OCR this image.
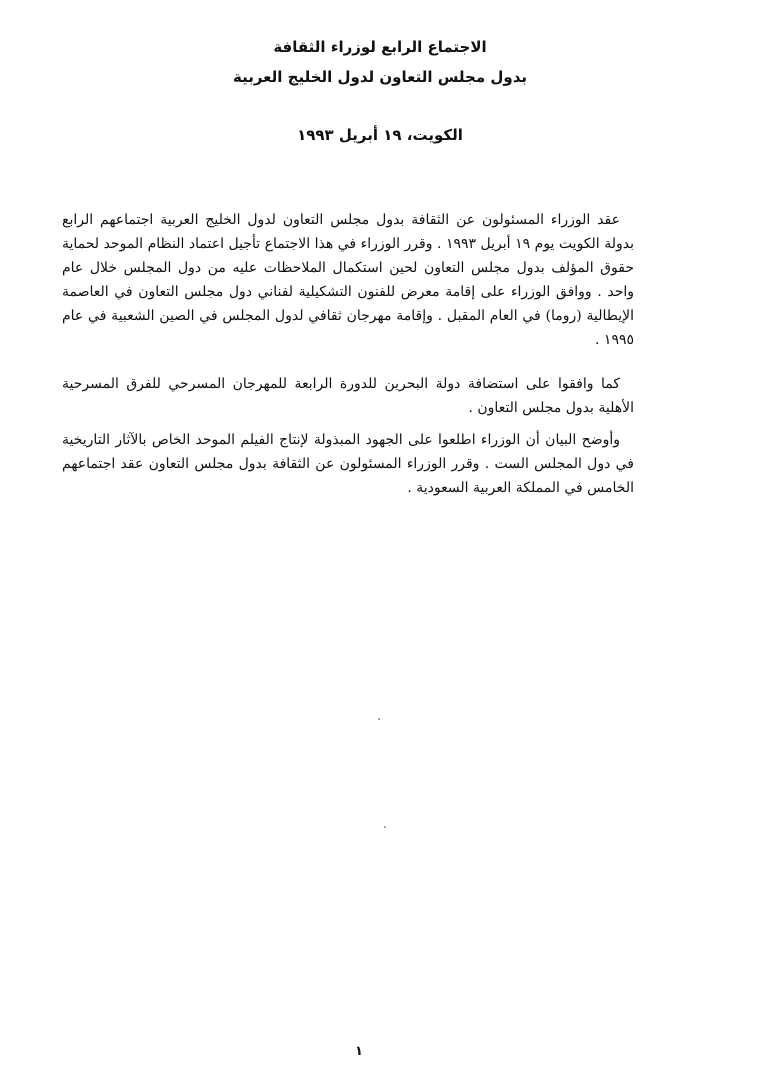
الاجتماع الرابع لوزراء الثقافة
بدول مجلس التعاون لدول الخليج العربية
الكويت، ١٩ أبريل ١٩٩٣

عقد الوزراء المسئولون عن الثقافة بدول مجلس التعاون لدول الخليج العربية اجتماعهم الرابع بدولة الكويت يوم ١٩ أبريل ١٩٩٣ . وقرر الوزراء في هذا الاجتماع تأجيل اعتماد النظام الموحد لحماية حقوق المؤلف بدول مجلس التعاون لحين استكمال الملاحظات عليه من دول المجلس خلال عام واحد . ووافق الوزراء على إقامة معرض للفنون التشكيلية لفناني دول مجلس التعاون في العاصمة الإيطالية (روما) في العام المقبل . وإقامة مهرجان ثقافي لدول المجلس في الصين الشعبية في عام ١٩٩٥ .

كما وافقوا على استضافة دولة البحرين للدورة الرابعة للمهرجان المسرحي للفرق المسرحية الأهلية بدول مجلس التعاون .

وأوضح البيان أن الوزراء اطلعوا على الجهود المبذولة لإنتاج الفيلم الموحد الخاص بالآثار التاريخية في دول المجلس الست . وقرر الوزراء المسئولون عن الثقافة بدول مجلس التعاون عقد اجتماعهم الخامس في المملكة العربية السعودية .

١
